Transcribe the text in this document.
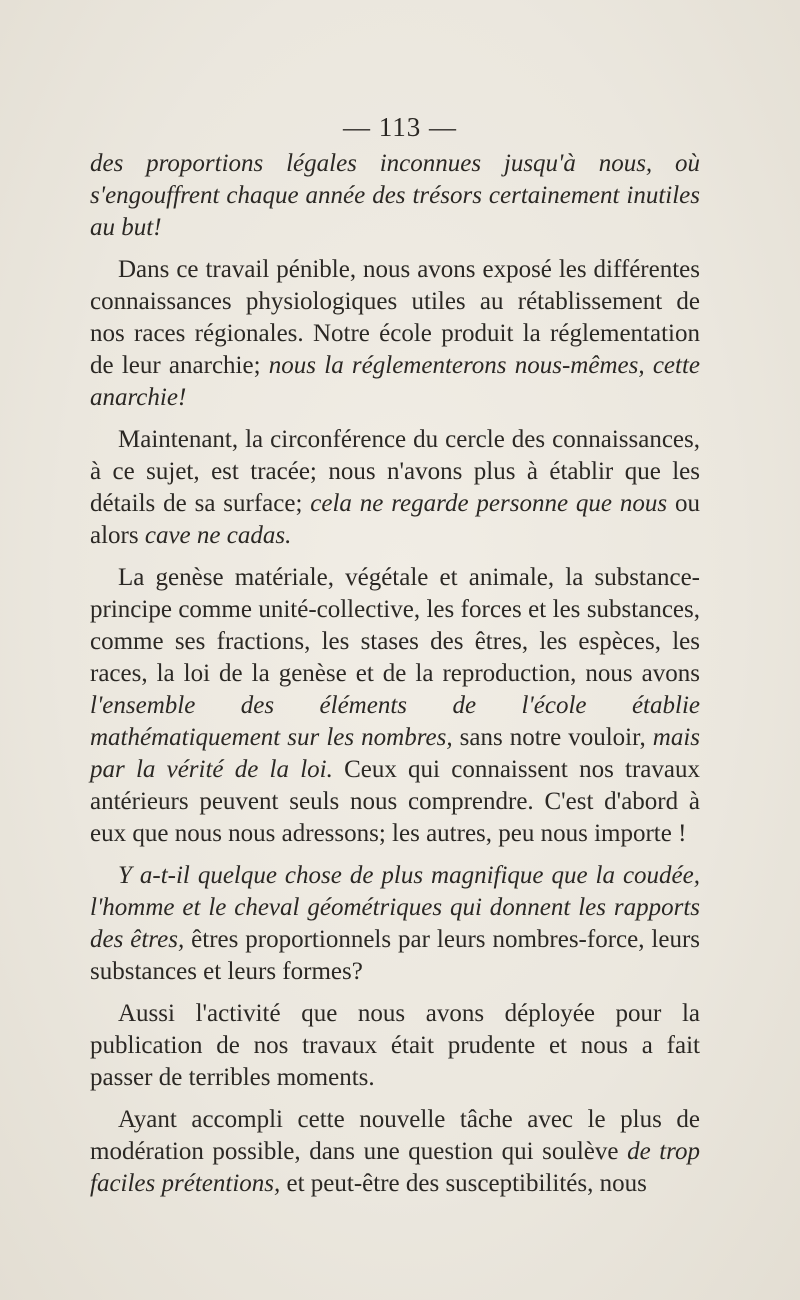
— 113 —

des proportions légales inconnues jusqu'à nous, où s'engouffrent chaque année des trésors certainement inutiles au but!

Dans ce travail pénible, nous avons exposé les différentes connaissances physiologiques utiles au rétablissement de nos races régionales. Notre école produit la réglementation de leur anarchie; nous la réglementerons nous-mêmes, cette anarchie!

Maintenant, la circonférence du cercle des connaissances, à ce sujet, est tracée; nous n'avons plus à établir que les détails de sa surface; cela ne regarde personne que nous ou alors cave ne cadas.

La genèse matériale, végétale et animale, la substance-principe comme unité-collective, les forces et les substances, comme ses fractions, les stases des êtres, les espèces, les races, la loi de la genèse et de la reproduction, nous avons l'ensemble des éléments de l'école établie mathématiquement sur les nombres, sans notre vouloir, mais par la vérité de la loi. Ceux qui connaissent nos travaux antérieurs peuvent seuls nous comprendre. C'est d'abord à eux que nous nous adressons; les autres, peu nous importe !

Y a-t-il quelque chose de plus magnifique que la coudée, l'homme et le cheval géométriques qui donnent les rapports des êtres, êtres proportionnels par leurs nombres-force, leurs substances et leurs formes?

Aussi l'activité que nous avons déployée pour la publication de nos travaux était prudente et nous a fait passer de terribles moments.

Ayant accompli cette nouvelle tâche avec le plus de modération possible, dans une question qui soulève de trop faciles prétentions, et peut-être des susceptibilités, nous
